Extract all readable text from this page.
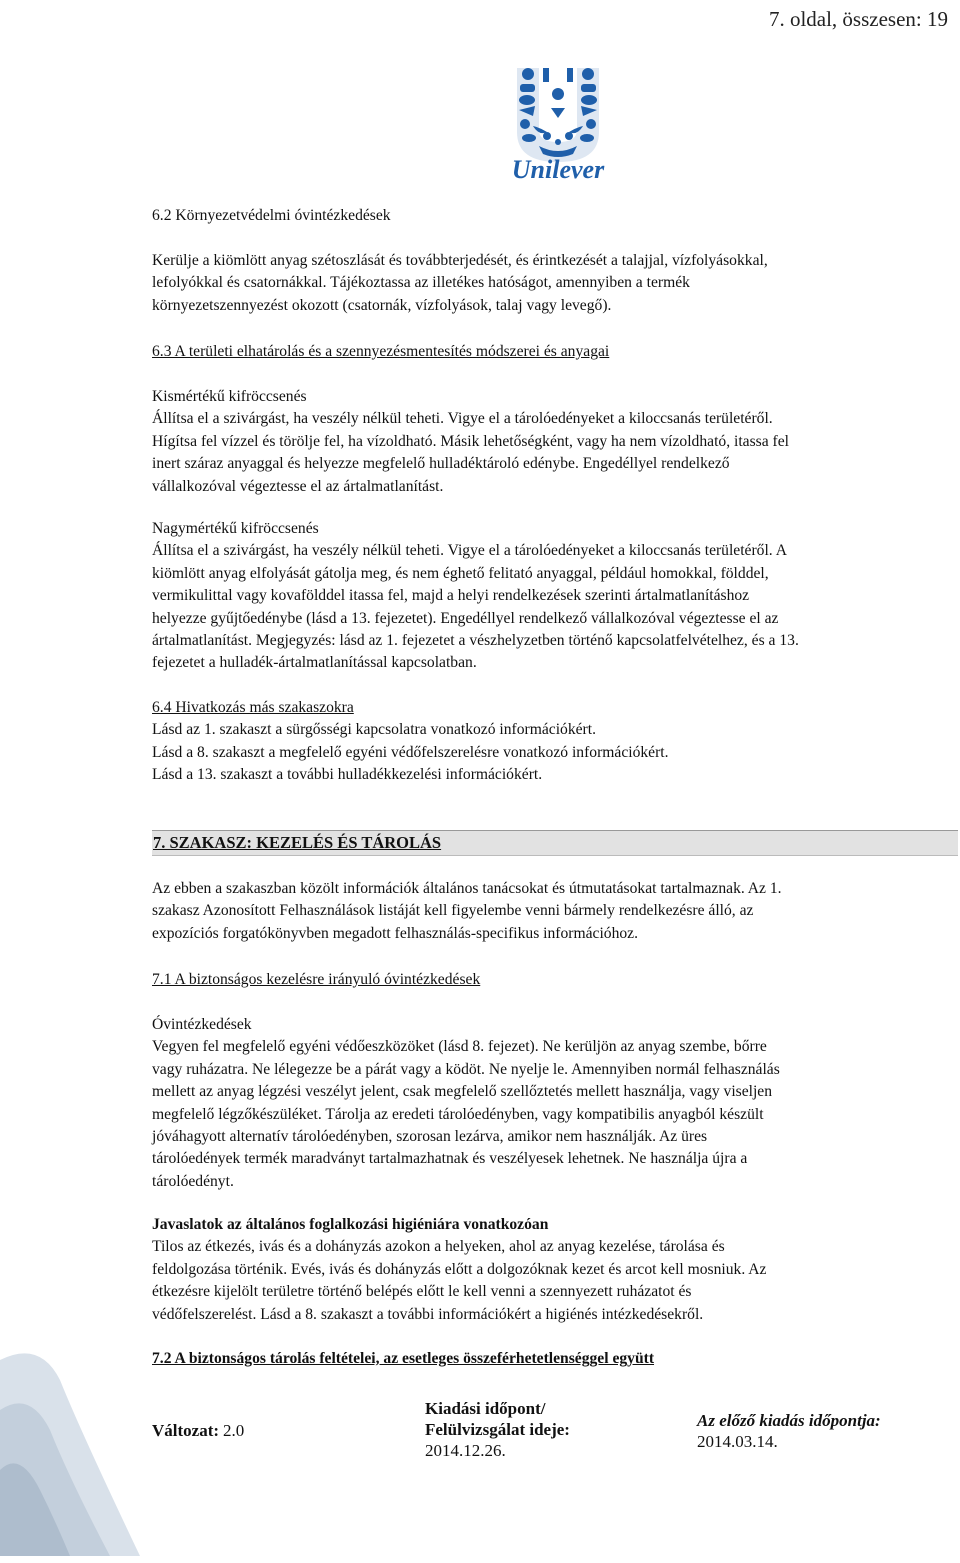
7. oldal, összesen: 19
Unilever
6.2 Környezetvédelmi óvintézkedések
Kerülje a kiömlött anyag szétoszlását és továbbterjedését, és érintkezését a talajjal, vízfolyásokkal,
lefolyókkal és csatornákkal. Tájékoztassa az illetékes hatóságot, amennyiben a termék
környezetszennyezést okozott (csatornák, vízfolyások, talaj vagy levegő).
6.3 A területi elhatárolás és a szennyezésmentesítés módszerei és anyagai
Kismértékű kifröccsenés
Állítsa el a szivárgást, ha veszély nélkül teheti. Vigye el a tárolóedényeket a kiloccsanás területéről.
Hígítsa fel vízzel és törölje fel, ha vízoldható. Másik lehetőségként, vagy ha nem vízoldható, itassa fel
inert száraz anyaggal és helyezze megfelelő hulladéktároló edénybe. Engedéllyel rendelkező
vállalkozóval végeztesse el az ártalmatlanítást.
Nagymértékű kifröccsenés
Állítsa el a szivárgást, ha veszély nélkül teheti. Vigye el a tárolóedényeket a kiloccsanás területéről. A
kiömlött anyag elfolyását gátolja meg, és nem éghető felitató anyaggal, például homokkal, földdel,
vermikulittal vagy kovafölddel itassa fel, majd a helyi rendelkezések szerinti ártalmatlanításhoz
helyezze gyűjtőedénybe (lásd a 13. fejezetet). Engedéllyel rendelkező vállalkozóval végeztesse el az
ártalmatlanítást. Megjegyzés: lásd az 1. fejezetet a vészhelyzetben történő kapcsolatfelvételhez, és a 13.
fejezetet a hulladék-ártalmatlanítással kapcsolatban.
6.4 Hivatkozás más szakaszokra
Lásd az 1. szakaszt a sürgősségi kapcsolatra vonatkozó információkért.
Lásd a 8. szakaszt a megfelelő egyéni védőfelszerelésre vonatkozó információkért.
Lásd a 13. szakaszt a további hulladékkezelési információkért.
7. SZAKASZ: KEZELÉS ÉS TÁROLÁS
Az ebben a szakaszban közölt információk általános tanácsokat és útmutatásokat tartalmaznak. Az 1.
szakasz Azonosított Felhasználások listáját kell figyelembe venni bármely rendelkezésre álló, az
expozíciós forgatókönyvben megadott felhasználás-specifikus információhoz.
7.1 A biztonságos kezelésre irányuló óvintézkedések
Óvintézkedések
Vegyen fel megfelelő egyéni védőeszközöket (lásd 8. fejezet). Ne kerüljön az anyag szembe, bőrre
vagy ruházatra. Ne lélegezze be a párát vagy a ködöt. Ne nyelje le. Amennyiben normál felhasználás
mellett az anyag légzési veszélyt jelent, csak megfelelő szellőztetés mellett használja, vagy viseljen
megfelelő légzőkészüléket. Tárolja az eredeti tárolóedényben, vagy kompatibilis anyagból készült
jóváhagyott alternatív tárolóedényben, szorosan lezárva, amikor nem használják. Az üres
tárolóedények termék maradványt tartalmazhatnak és veszélyesek lehetnek. Ne használja újra a
tárolóedényt.
Javaslatok az általános foglalkozási higiéniára vonatkozóan
Tilos az étkezés, ivás és a dohányzás azokon a helyeken, ahol az anyag kezelése, tárolása és
feldolgozása történik. Evés, ivás és dohányzás előtt a dolgozóknak kezet és arcot kell mosniuk. Az
étkezésre kijelölt területre történő belépés előtt le kell venni a szennyezett ruházatot és
védőfelszerelést. Lásd a 8. szakaszt a további információkért a higiénés intézkedésekről.
7.2 A biztonságos tárolás feltételei, az esetleges összeférhetetlenséggel együtt
Változat: 2.0
Kiadási időpont/
Felülvizsgálat ideje:
2014.12.26.
Az előző kiadás időpontja:
2014.03.14.
